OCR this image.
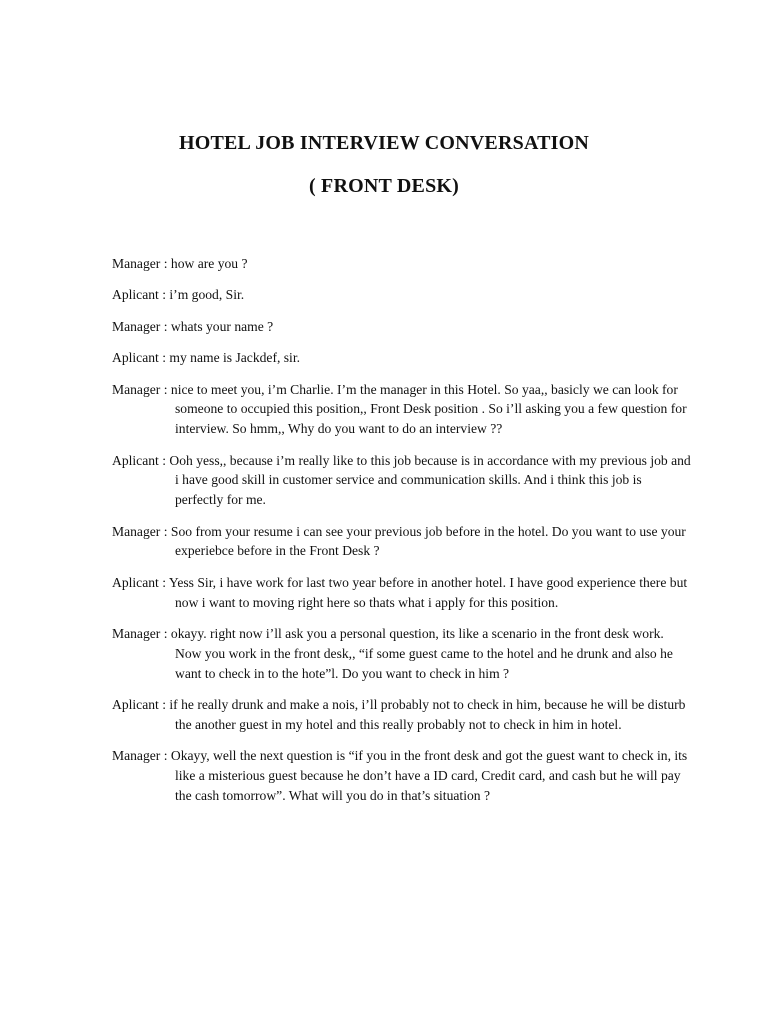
HOTEL JOB INTERVIEW CONVERSATION
( FRONT DESK)

Manager : how are you ?

Aplicant : i’m good, Sir.

Manager : whats your name ?

Aplicant : my name is Jackdef, sir.

Manager : nice to meet you, i’m Charlie. I’m the manager in this Hotel. So yaa,, basicly we can look for someone to occupied this position,, Front Desk position . So i’ll asking you a few question for interview. So hmm,, Why do you want to do an interview ??

Aplicant : Ooh yess,, because i’m really like to this job because is in accordance with my previous job and i have good skill in customer service and communication skills. And i think this job is perfectly for me.

Manager : Soo from your resume i can see your previous job before in the hotel. Do you want to use your experiebce before in the Front Desk ?

Aplicant : Yess Sir, i have work for last two year before in another hotel. I have good experience there but now i want to moving right here so thats what i apply for this position.

Manager : okayy. right now i’ll ask you a personal question, its like a scenario in the front desk work. Now you work in the front desk,, “if some guest came to the hotel and he drunk and also he want to check in to the hote”l. Do you want to check in him ?

Aplicant : if he really drunk and make a nois, i’ll probably not to check in him, because he will be disturb the another guest in my hotel and this really probably not to check in him in hotel.

Manager : Okayy, well the next question is “if you in the front desk and got the guest want to check in, its like a misterious guest because he don’t have a ID card, Credit card, and cash but he will pay the cash tomorrow”. What will you do in that’s situation ?
